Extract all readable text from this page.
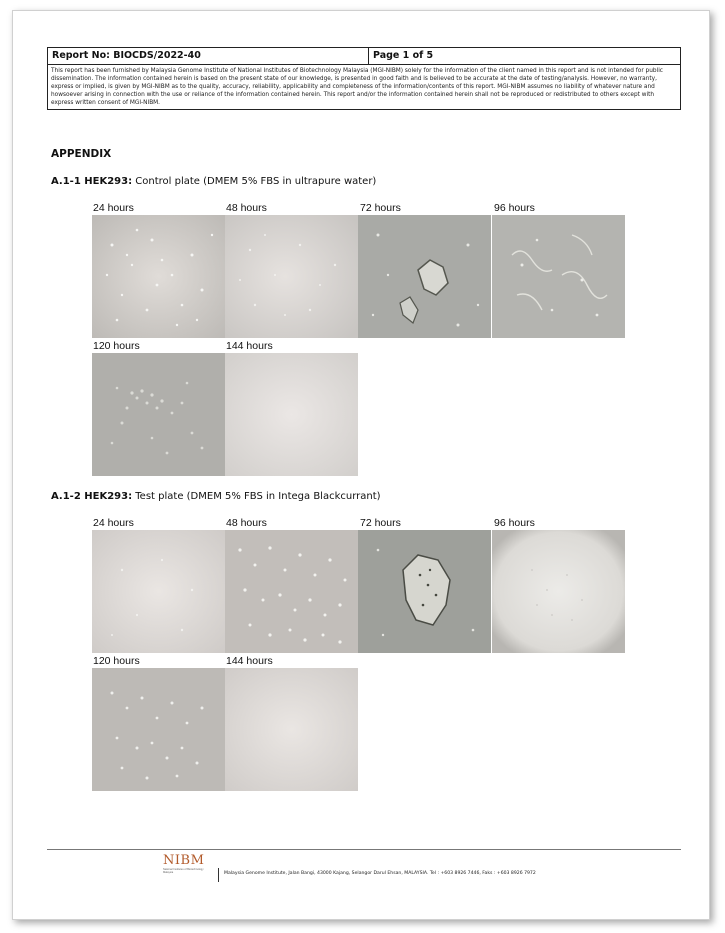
Report No: BIOCDS/2022-40	Page 1 of 5
This report has been furnished by Malaysia Genome Institute of National Institutes of Biotechnology Malaysia (MGI-NIBM) solely for the information of the client named in this report and is not intended for public dissemination. The information contained herein is based on the present state of our knowledge, is presented in good faith and is believed to be accurate at the date of testing/analysis. However, no warranty, express or implied, is given by MGI-NIBM as to the quality, accuracy, reliability, applicability and completeness of the information/contents of this report. MGI-NIBM assumes no liability of whatever nature and howsoever arising in connection with the use or reliance of the information contained herein. This report and/or the information contained herein shall not be reproduced or redistributed to others except with express written consent of MGI-NIBM.
APPENDIX
A.1-1 HEK293: Control plate (DMEM 5% FBS in ultrapure water)
24 hours	48 hours	72 hours	96 hours
120 hours	144 hours
A.1-2 HEK293: Test plate (DMEM 5% FBS in Intega Blackcurrant)
24 hours	48 hours	72 hours	96 hours
120 hours	144 hours
NIBM
National Institutes of Biotechnology Malaysia	Malaysia Genome Institute, Jalan Bangi, 43000 Kajang, Selangor Darul Ehsan, MALAYSIA. Tel : +603 8926 7446, Faks : +603 8926 7972
